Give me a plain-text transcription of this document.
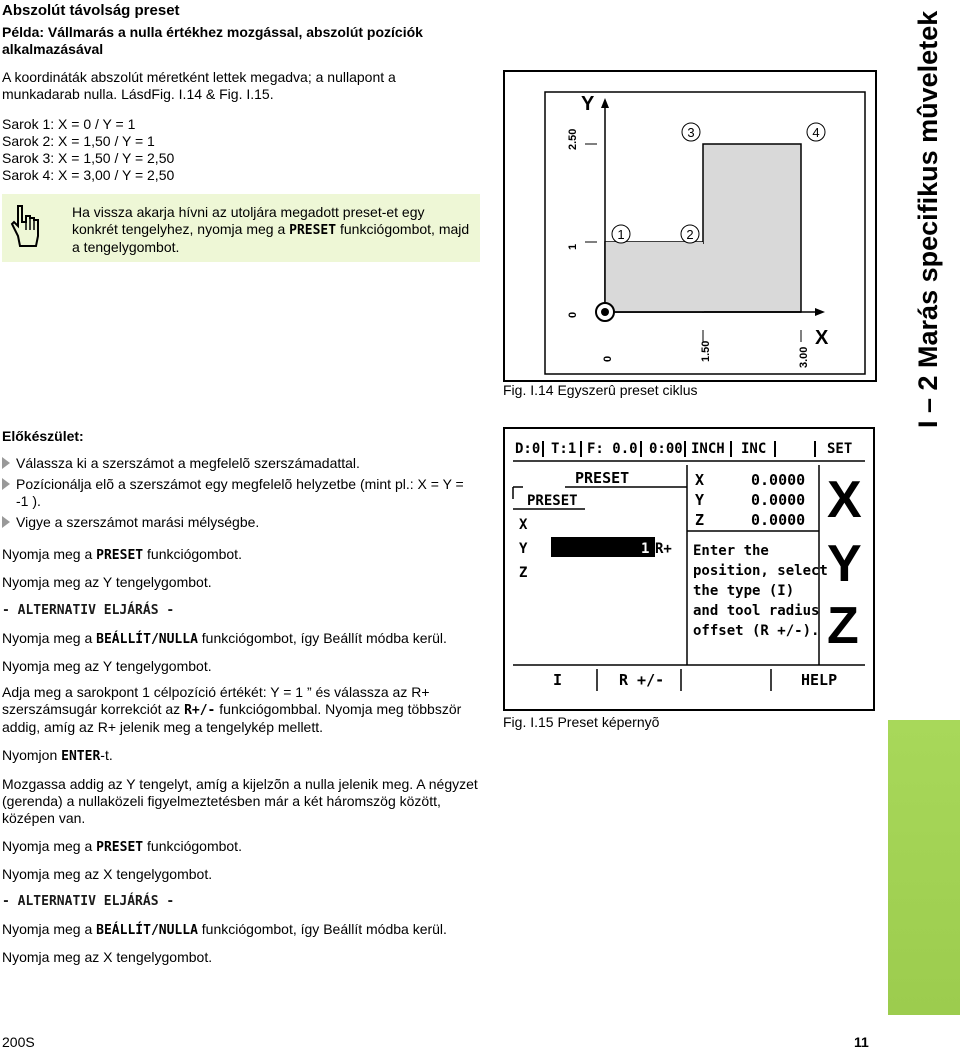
Abszolút távolság preset
Példa: Vállmarás a nulla értékhez mozgással, abszolút pozíciók alkalmazásával
A koordináták abszolút méretként lettek megadva; a nullapont a munkadarab nulla. LásdFig. I.14 & Fig. I.15.
Sarok 1: X = 0 / Y = 1
Sarok 2: X = 1,50 / Y = 1
Sarok 3: X = 1,50 / Y = 2,50
Sarok 4: X = 3,00 / Y = 2,50
Ha vissza akarja hívni az utoljára megadott preset-et egy konkrét tengelyhez, nyomja meg a PRESET funkciógombot, majd a tengelygombot.
Előkészület:
Válassza ki a szerszámot a megfelelõ szerszámadattal.
Pozícionálja elõ a szerszámot egy megfelelõ helyzetbe (mint pl.: X = Y = -1 ).
Vigye a szerszámot marási mélységbe.
Nyomja meg a PRESET funkciógombot.
Nyomja meg az Y tengelygombot.
- ALTERNATIV ELJÁRÁS -
Nyomja meg a BEÁLLÍT/NULLA funkciógombot, így Beállít módba kerül.
Nyomja meg az Y tengelygombot.
Adja meg a sarokpont 1 célpozíció értékét: Y = 1 ” és válassza az R+ szerszámsugár korrekciót az R+/- funkciógombbal. Nyomja meg többször addig, amíg az R+ jelenik meg a tengelykép mellett.
Nyomjon ENTER-t.
Mozgassa addig az Y tengelyt, amíg a kijelzõn a nulla jelenik meg. A négyzet (gerenda) a nullaközeli figyelmeztetésben már a két háromszög között, középen van.
Nyomja meg a PRESET funkciógombot.
Nyomja meg az X tengelygombot.
- ALTERNATIV ELJÁRÁS -
Nyomja meg a BEÁLLÍT/NULLA funkciógombot, így Beállít módba kerül.
Nyomja meg az X tengelygombot.
Y
X
2.50
1
0
0	1.50	3.00
1	2
3	4
Fig. I.14 Egyszerû preset ciklus
D:0 T:1 F: 0.0 0:00 INCH INC	SET
PRESET
PRESET
X
Y
Z
1 R+
X	0.0000
Y	0.0000
Z	0.0000
Enter the
position, select
the type (I)
and tool radius
offset (R +/-).
X
Y
Z
I	R +/-	HELP
Fig. I.15 Preset képernyõ
I – 2 Marás specifikus mûveletek
200S	11
